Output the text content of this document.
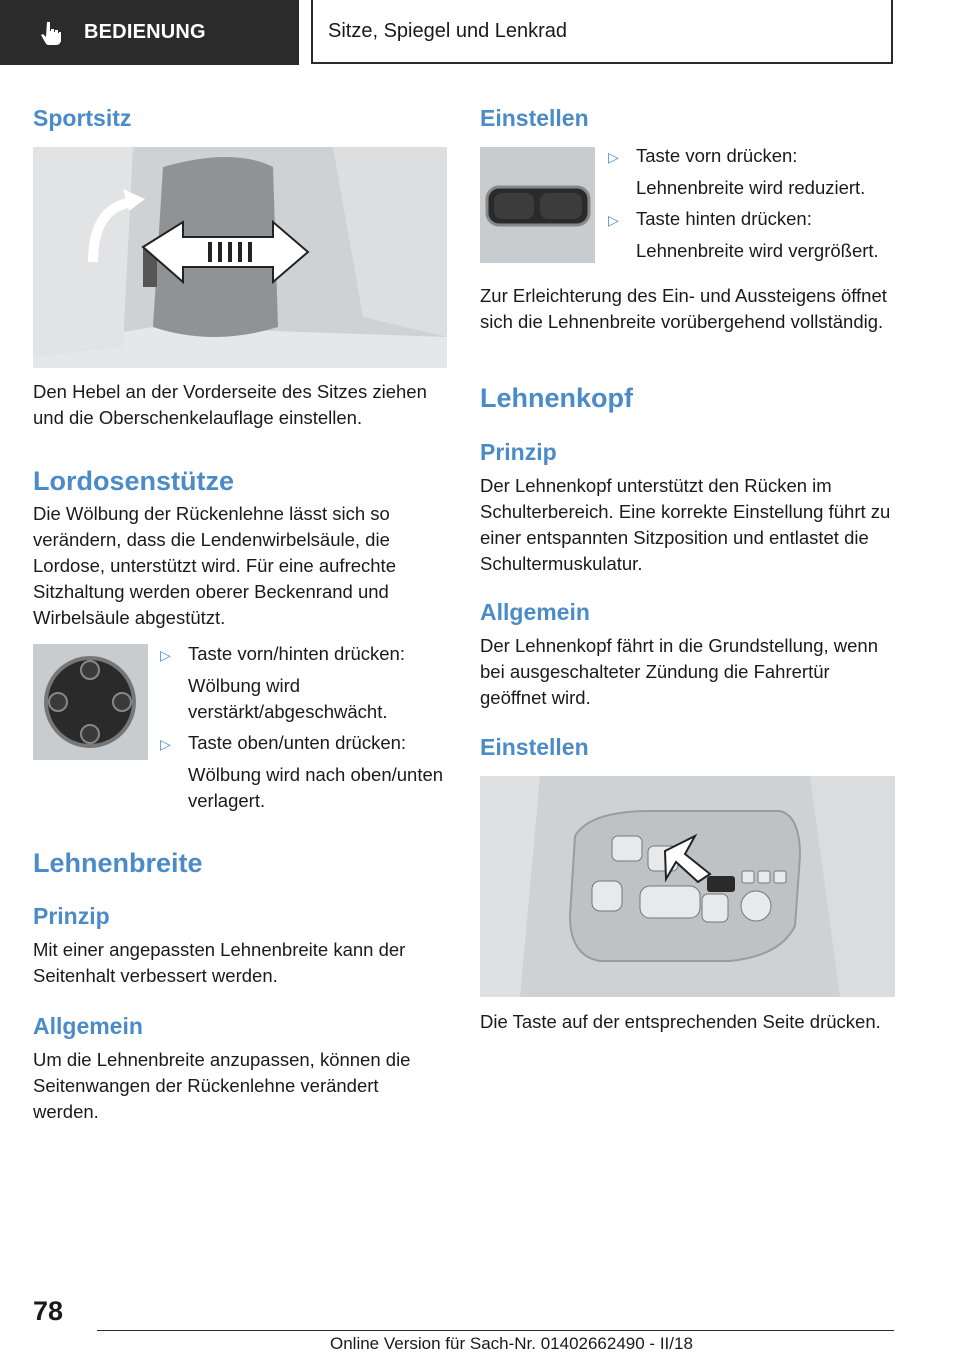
BEDIENUNG	Sitze, Spiegel und Lenkrad
Sportsitz

Den Hebel an der Vorderseite des Sitzes ziehen und die Oberschenkelauflage einstellen.

Lordosenstütze

Die Wölbung der Rückenlehne lässt sich so verändern, dass die Lendenwirbelsäule, die Lordose, unterstützt wird. Für eine aufrechte Sitzhaltung werden oberer Beckenrand und Wirbelsäule abgestützt.

▷ Taste vorn/hinten drücken:
Wölbung wird verstärkt/abgeschwächt.
▷ Taste oben/unten drücken:
Wölbung wird nach oben/unten verlagert.
Lehnenbreite
Prinzip

Mit einer angepassten Lehnenbreite kann der Seitenhalt verbessert werden.

Allgemein

Um die Lehnenbreite anzupassen, können die Seitenwangen der Rückenlehne verändert werden.

Einstellen
▷ Taste vorn drücken:
Lehnenbreite wird reduziert.
▷ Taste hinten drücken:
Lehnenbreite wird vergrößert.

Zur Erleichterung des Ein- und Aussteigens öffnet sich die Lehnenbreite vorübergehend vollständig.

Lehnenkopf
Prinzip

Der Lehnenkopf unterstützt den Rücken im Schulterbereich. Eine korrekte Einstellung führt zu einer entspannten Sitzposition und entlastet die Schultermuskulatur.

Allgemein

Der Lehnenkopf fährt in die Grundstellung, wenn bei ausgeschalteter Zündung die Fahrertür geöffnet wird.

Einstellen

Die Taste auf der entsprechenden Seite drücken.

78
Online Version für Sach-Nr. 01402662490 - II/18
